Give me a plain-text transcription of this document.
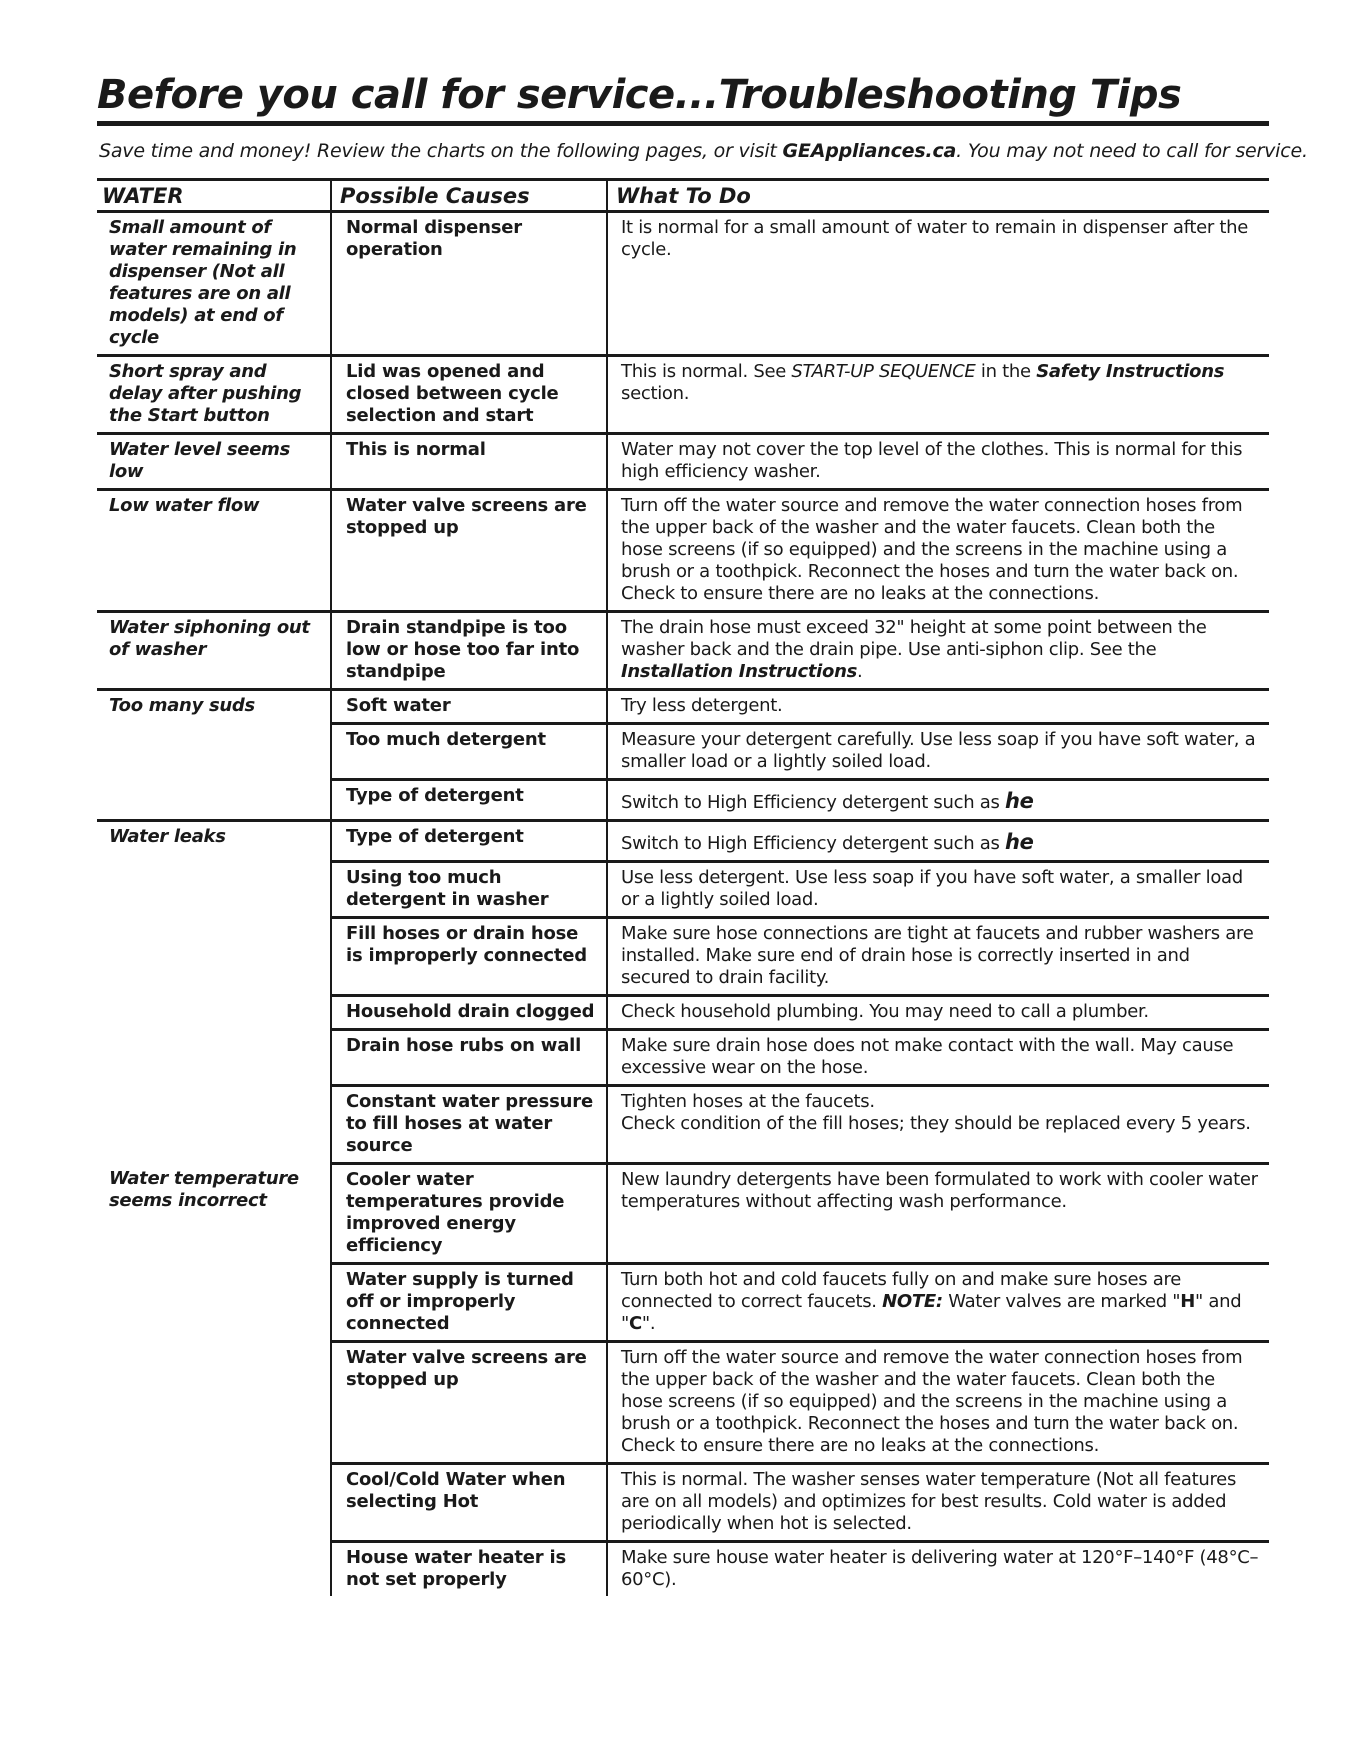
Before you call for service...Troubleshooting Tips
Save time and money! Review the charts on the following pages, or visit GEAppliances.ca. You may not need to call for service.
WATER	Possible Causes	What To Do
Small amount of water remaining in dispenser (Not all features are on all models) at end of cycle	Normal dispenser operation	It is normal for a small amount of water to remain in dispenser after the cycle.
Short spray and delay after pushing the Start button	Lid was opened and closed between cycle selection and start	This is normal. See START-UP SEQUENCE in the Safety Instructions section.
Water level seems low	This is normal	Water may not cover the top level of the clothes. This is normal for this high efficiency washer.
Low water flow	Water valve screens are stopped up	Turn off the water source and remove the water connection hoses from the upper back of the washer and the water faucets. Clean both the hose screens (if so equipped) and the screens in the machine using a brush or a toothpick. Reconnect the hoses and turn the water back on. Check to ensure there are no leaks at the connections.
Water siphoning out of washer	Drain standpipe is too low or hose too far into standpipe	The drain hose must exceed 32" height at some point between the washer back and the drain pipe. Use anti-siphon clip. See the Installation Instructions.
Too many suds	Soft water	Try less detergent.
	Too much detergent	Measure your detergent carefully. Use less soap if you have soft water, a smaller load or a lightly soiled load.
	Type of detergent	Switch to High Efficiency detergent such as he
Water leaks	Type of detergent	Switch to High Efficiency detergent such as he
	Using too much detergent in washer	Use less detergent. Use less soap if you have soft water, a smaller load or a lightly soiled load.
	Fill hoses or drain hose is improperly connected	Make sure hose connections are tight at faucets and rubber washers are installed. Make sure end of drain hose is correctly inserted in and secured to drain facility.
	Household drain clogged	Check household plumbing. You may need to call a plumber.
	Drain hose rubs on wall	Make sure drain hose does not make contact with the wall. May cause excessive wear on the hose.
	Constant water pressure to fill hoses at water source	Tighten hoses at the faucets.
Check condition of the fill hoses; they should be replaced every 5 years.

Water temperature seems incorrect	Cooler water temperatures provide improved energy efficiency	New laundry detergents have been formulated to work with cooler water temperatures without affecting wash performance.
	Water supply is turned off or improperly connected	Turn both hot and cold faucets fully on and make sure hoses are connected to correct faucets. NOTE: Water valves are marked "H" and "C".
	Water valve screens are stopped up	Turn off the water source and remove the water connection hoses from the upper back of the washer and the water faucets. Clean both the hose screens (if so equipped) and the screens in the machine using a brush or a toothpick. Reconnect the hoses and turn the water back on. Check to ensure there are no leaks at the connections.
	Cool/Cold Water when selecting Hot	This is normal. The washer senses water temperature (Not all features are on all models) and optimizes for best results. Cold water is added periodically when hot is selected.
	House water heater is not set properly	Make sure house water heater is delivering water at 120°F–140°F (48°C–60°C).
